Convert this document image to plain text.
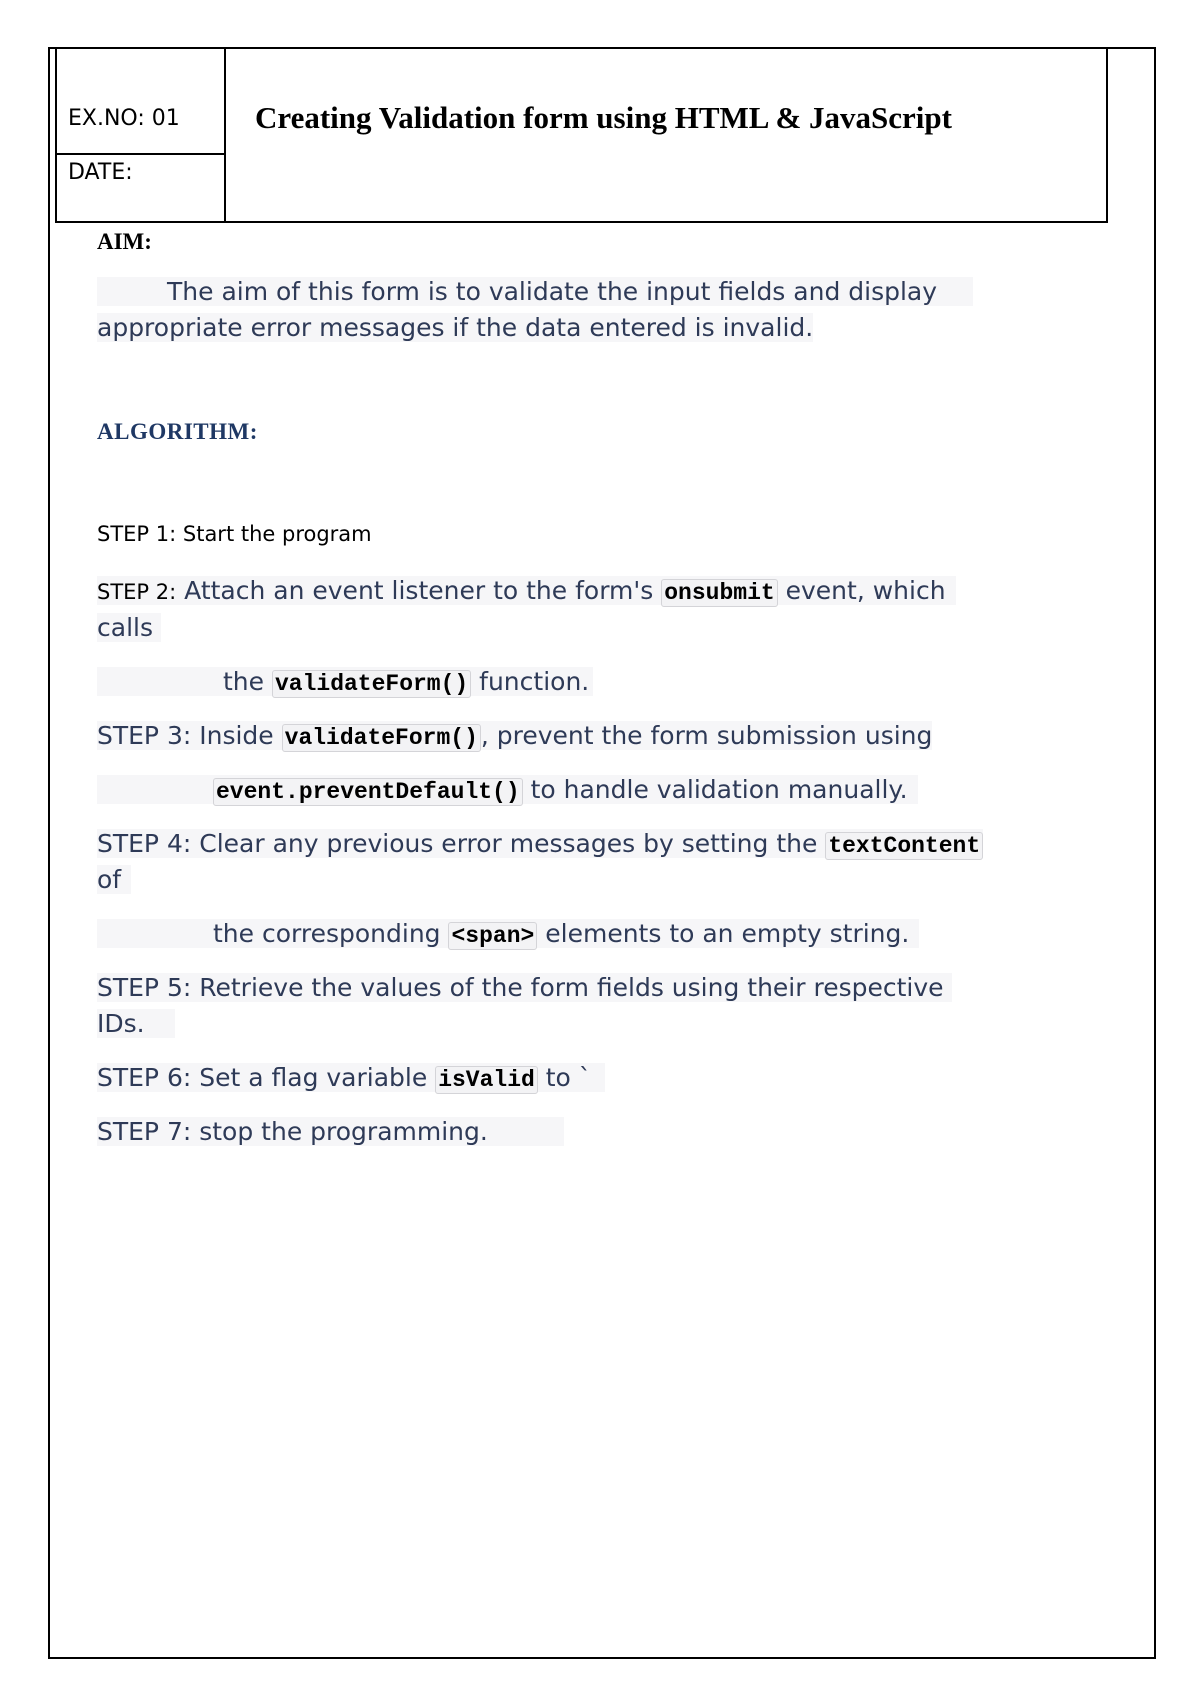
EX.NO: 01
DATE:
Creating Validation form using HTML & JavaScript
AIM:
The aim of this form is to validate the input fields and display
appropriate error messages if the data entered is invalid.
ALGORITHM:
STEP 1: Start the program
STEP 2: Attach an event listener to the form's onsubmit event, which
calls
the validateForm() function.
STEP 3: Inside validateForm() , prevent the form submission using
event.preventDefault() to handle validation manually.
STEP 4: Clear any previous error messages by setting the textContent
of
the corresponding <span> elements to an empty string.
STEP 5: Retrieve the values of the form fields using their respective
IDs.
STEP 6: Set a flag variable isValid to `
STEP 7: stop the programming.
